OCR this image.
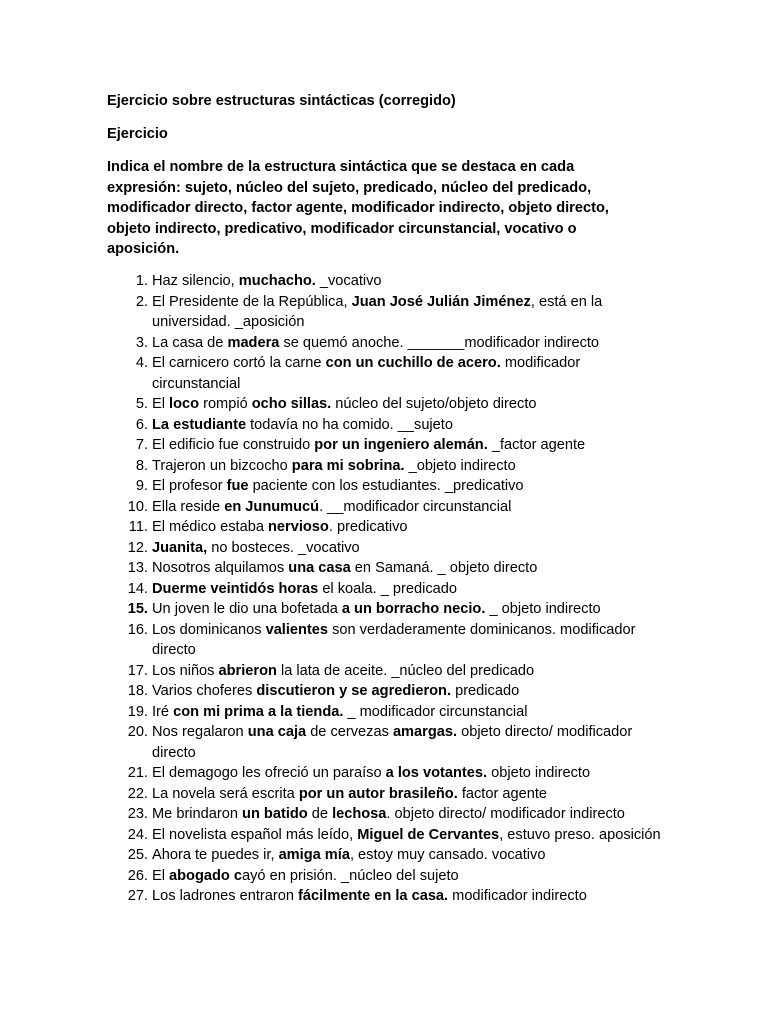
Ejercicio sobre estructuras sintácticas (corregido)
Ejercicio
Indica el nombre de la estructura sintáctica que se destaca en cada expresión: sujeto, núcleo del sujeto, predicado, núcleo del predicado, modificador directo, factor agente, modificador indirecto, objeto directo, objeto indirecto, predicativo, modificador circunstancial, vocativo o aposición.
1. Haz silencio, muchacho. _vocativo
2. El Presidente de la República, Juan José Julián Jiménez, está en la universidad. _aposición
3. La casa de madera se quemó anoche. _______modificador indirecto
4. El carnicero cortó la carne con un cuchillo de acero. modificador circunstancial
5. El loco rompió ocho sillas. núcleo del sujeto/objeto directo
6. La estudiante todavía no ha comido. __sujeto
7. El edificio fue construido por un ingeniero alemán. _factor agente
8. Trajeron un bizcocho para mi sobrina. _objeto indirecto
9. El profesor fue paciente con los estudiantes. _predicativo
10. Ella reside en Junumucú. __modificador circunstancial
11. El médico estaba nervioso. predicativo
12. Juanita, no bosteces. _vocativo
13. Nosotros alquilamos una casa en Samaná. _ objeto directo
14. Duerme veintidós horas el koala. _ predicado
15. Un joven le dio una bofetada a un borracho necio. _ objeto indirecto
16. Los dominicanos valientes son verdaderamente dominicanos. modificador directo
17. Los niños abrieron la lata de aceite. _núcleo del predicado
18. Varios choferes discutieron y se agredieron. predicado
19. Iré con mi prima a la tienda. _ modificador circunstancial
20. Nos regalaron una caja de cervezas amargas. objeto directo/ modificador directo
21. El demagogo les ofreció un paraíso a los votantes. objeto indirecto
22. La novela será escrita por un autor brasileño. factor agente
23. Me brindaron un batido de lechosa. objeto directo/ modificador indirecto
24. El novelista español más leído, Miguel de Cervantes, estuvo preso. aposición
25. Ahora te puedes ir, amiga mía, estoy muy cansado. vocativo
26. El abogado cayó en prisión. _núcleo del sujeto
27. Los ladrones entraron fácilmente en la casa. modificador indirecto
